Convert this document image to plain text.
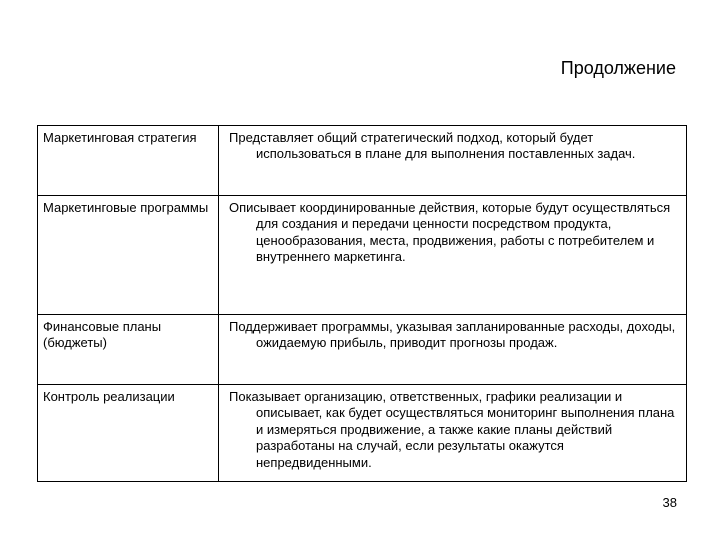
Продолжение
Маркетинговая стратегия	Представляет общий стратегический подход, который будет использоваться в плане для выполнения поставленных задач.

Маркетинговые программы	Описывает координированные действия, которые будут осуществляться для создания и передачи ценности посредством продукта, ценообразования, места, продвижения, работы с потребителем и внутреннего маркетинга.

Финансовые планы (бюджеты)	Поддерживает программы, указывая запланированные расходы, доходы, ожидаемую прибыль, приводит прогнозы продаж.

Контроль реализации	Показывает организацию, ответственных, графики реализации и описывает, как будет осуществляться мониторинг выполнения плана и измеряться продвижение, а также какие планы действий разработаны на случай, если результаты окажутся непредвиденными.
38
